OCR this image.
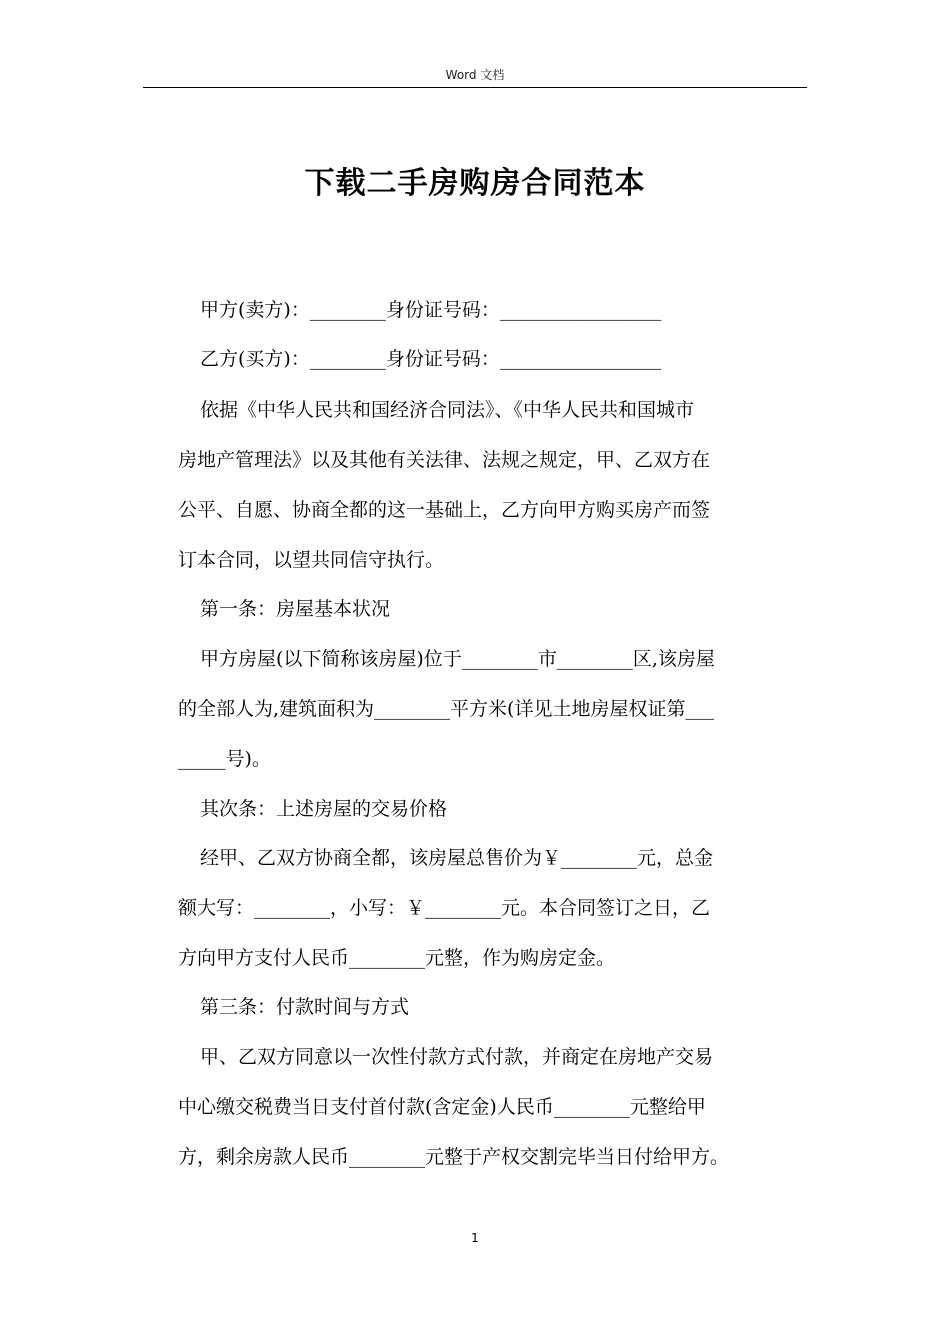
Word 文档
下载二手房购房合同范本
甲方(卖方)：________身份证号码：_________________
乙方(买方)：________身份证号码：_________________
依据《中华人民共和国经济合同法》、《中华人民共和国城市
房地产管理法》以及其他有关法律、法规之规定，甲、乙双方在
公平、自愿、协商全都的这一基础上，乙方向甲方购买房产而签
订本合同，以望共同信守执行。
第一条：房屋基本状况
甲方房屋(以下简称该房屋)位于________市________区,该房屋
的全部人为,建筑面积为________平方米(详见土地房屋权证第___
_____号)。
其次条：上述房屋的交易价格
经甲、乙双方协商全都，该房屋总售价为￥________元，总金
额大写：________，小写：￥________元。本合同签订之日，乙
方向甲方支付人民币________元整，作为购房定金。
第三条：付款时间与方式
甲、乙双方同意以一次性付款方式付款，并商定在房地产交易
中心缴交税费当日支付首付款(含定金)人民币________元整给甲
方，剩余房款人民币________元整于产权交割完毕当日付给甲方。
1
